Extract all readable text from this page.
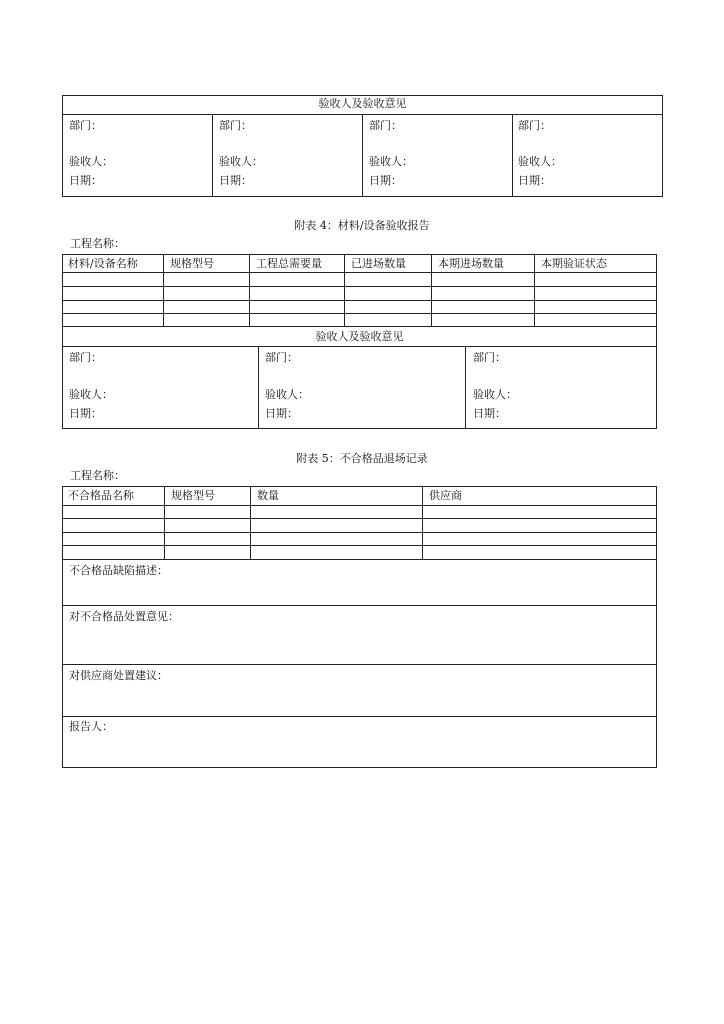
验收人及验收意见
部门：
验收人：
日期：
部门：
验收人：
日期：
部门：
验收人：
日期：
部门：
验收人：
日期：
附表 4：材料/设备验收报告
工程名称：
材料/设备名称	规格型号	工程总需要量	已进场数量	本期进场数量	本期验证状态
验收人及验收意见
部门：
验收人：
日期：
部门：
验收人：
日期：
部门：
验收人：
日期：
附表 5：不合格品退场记录
工程名称：
不合格品名称	规格型号	数量	供应商
不合格品缺陷描述：
对不合格品处置意见：
对供应商处置建议：
报告人：
